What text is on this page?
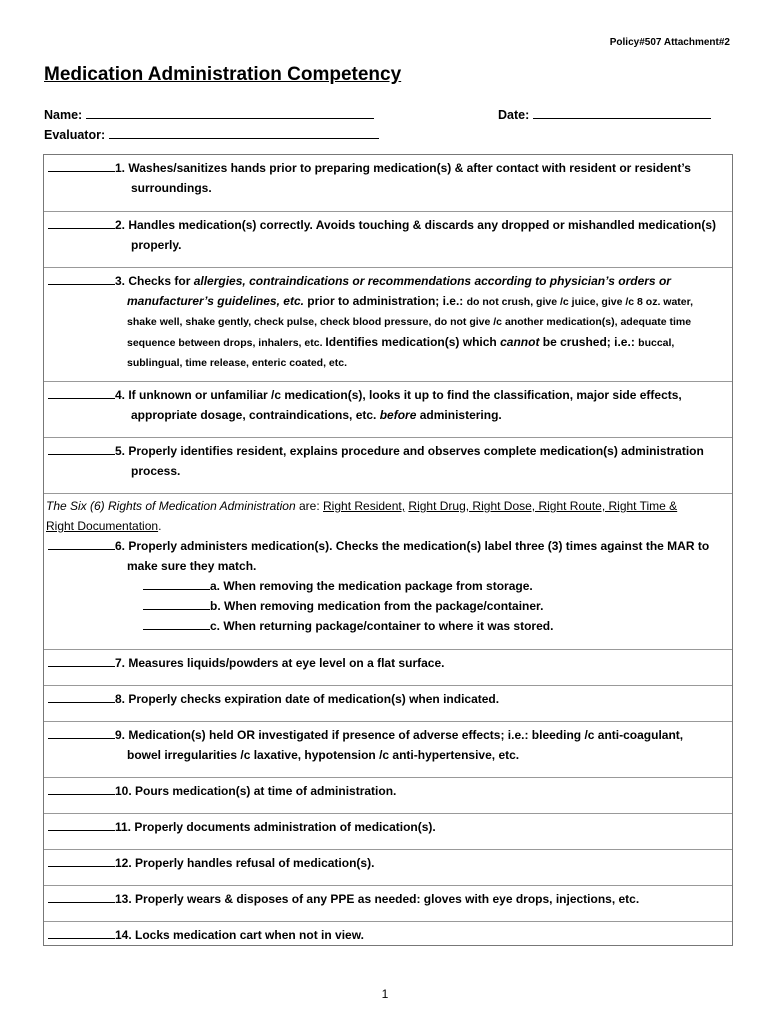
Policy#507 Attachment#2
Medication Administration Competency
Name:	Date:
Evaluator:
1. Washes/sanitizes hands prior to preparing medication(s) & after contact with resident or resident’s
surroundings.
2. Handles medication(s) correctly. Avoids touching & discards any dropped or mishandled medication(s)
properly.
3. Checks for allergies, contraindications or recommendations according to physician’s orders or
manufacturer’s guidelines, etc. prior to administration; i.e.: do not crush, give /c juice, give /c 8 oz. water,
shake well, shake gently, check pulse, check blood pressure, do not give /c another medication(s), adequate time
sequence between drops, inhalers, etc. Identifies medication(s) which cannot be crushed; i.e.: buccal,
sublingual, time release, enteric coated, etc.
4. If unknown or unfamiliar /c medication(s), looks it up to find the classification, major side effects,
appropriate dosage, contraindications, etc. before administering.
5. Properly identifies resident, explains procedure and observes complete medication(s) administration
process.
The Six (6) Rights of Medication Administration are: Right Resident, Right Drug, Right Dose, Right Route, Right Time &
Right Documentation.
6. Properly administers medication(s). Checks the medication(s) label three (3) times against the MAR to
make sure they match.
a. When removing the medication package from storage.
b. When removing medication from the package/container.
c. When returning package/container to where it was stored.
7. Measures liquids/powders at eye level on a flat surface.
8. Properly checks expiration date of medication(s) when indicated.
9. Medication(s) held OR investigated if presence of adverse effects; i.e.: bleeding /c anti-coagulant,
bowel irregularities /c laxative, hypotension /c anti-hypertensive, etc.
10. Pours medication(s) at time of administration.
11. Properly documents administration of medication(s).
12. Properly handles refusal of medication(s).
13. Properly wears & disposes of any PPE as needed: gloves with eye drops, injections, etc.
14. Locks medication cart when not in view.
1
